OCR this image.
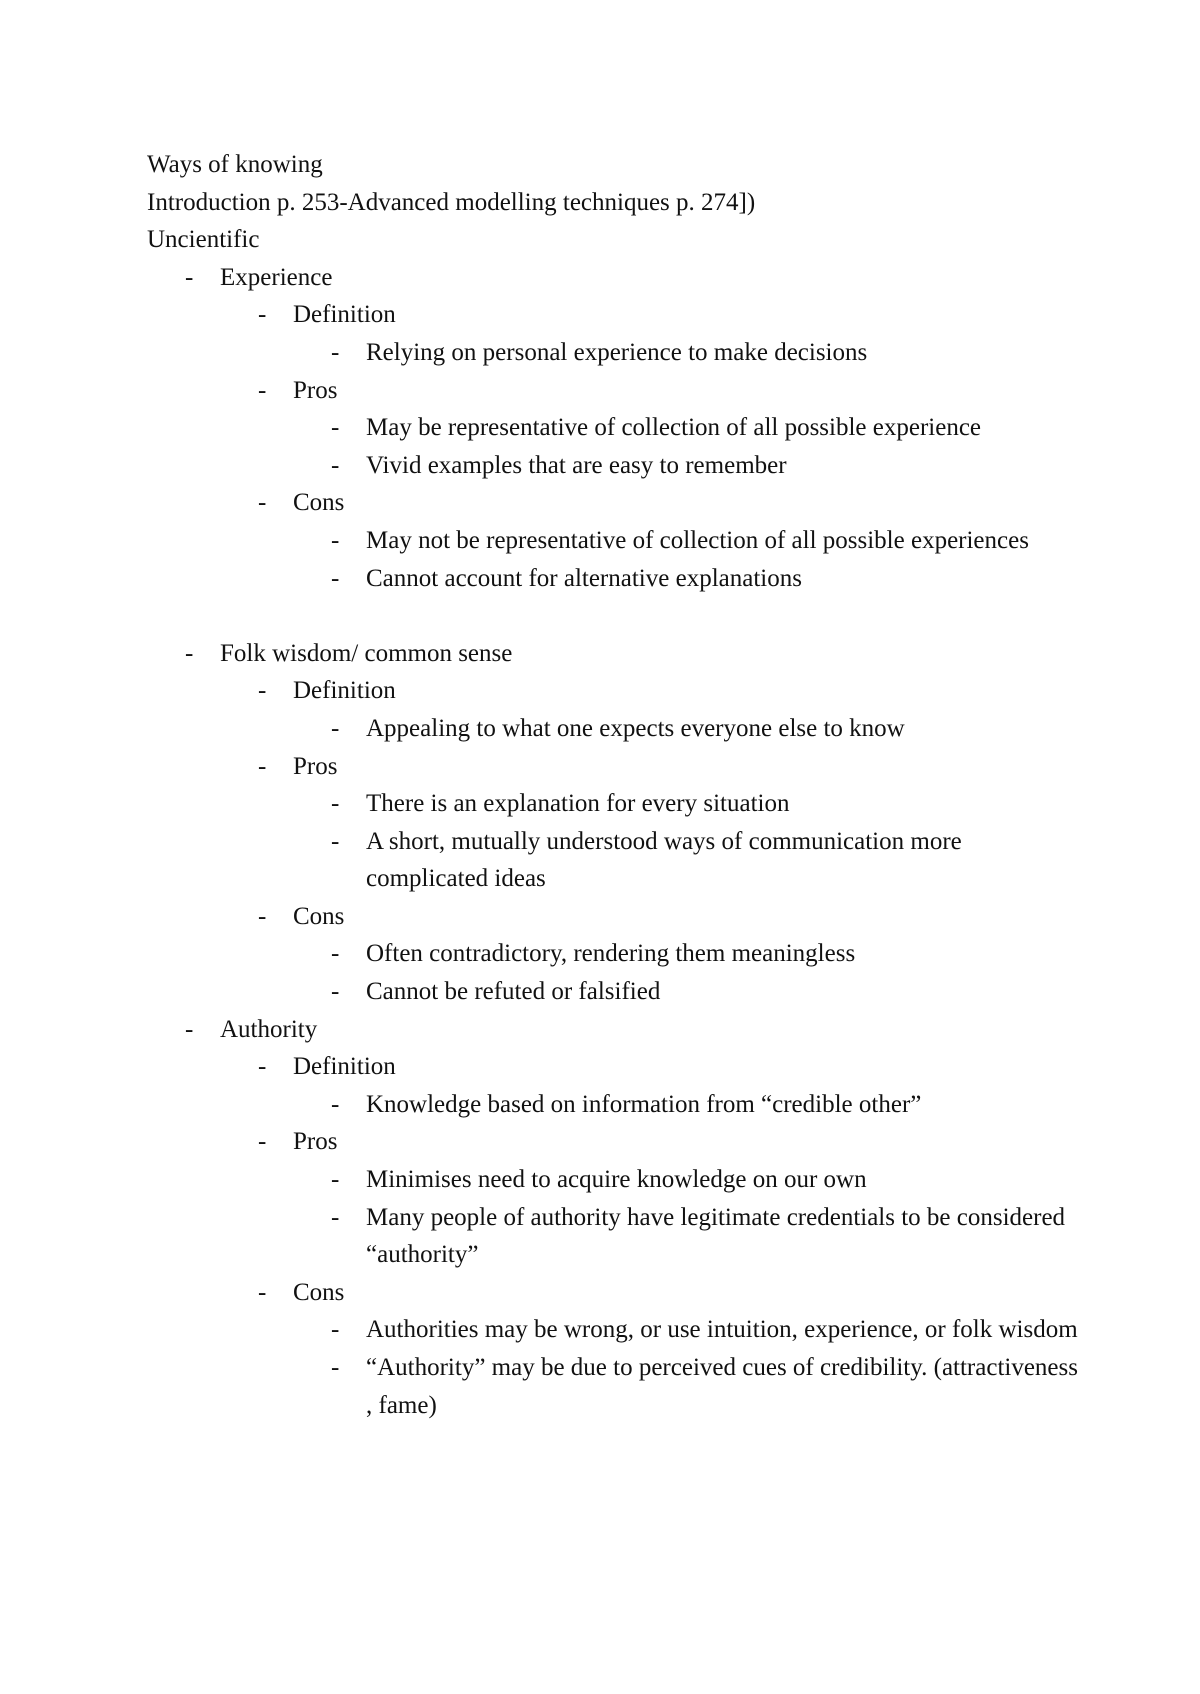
Ways of knowing
Introduction p. 253-Advanced modelling techniques p. 274])
Uncientific
- Experience
- Definition
- Relying on personal experience to make decisions
- Pros
- May be representative of collection of all possible experience
- Vivid examples that are easy to remember
- Cons
- May not be representative of collection of all possible experiences
- Cannot account for alternative explanations
- Folk wisdom/ common sense
- Definition
- Appealing to what one expects everyone else to know
- Pros
- There is an explanation for every situation
- A short, mutually understood ways of communication more complicated ideas
- Cons
- Often contradictory, rendering them meaningless
- Cannot be refuted or falsified
- Authority
- Definition
- Knowledge based on information from “credible other”
- Pros
- Minimises need to acquire knowledge on our own
- Many people of authority have legitimate credentials to be considered “authority”
- Cons
- Authorities may be wrong, or use intuition, experience, or folk wisdom
- “Authority” may be due to perceived cues of credibility. (attractiveness , fame)
